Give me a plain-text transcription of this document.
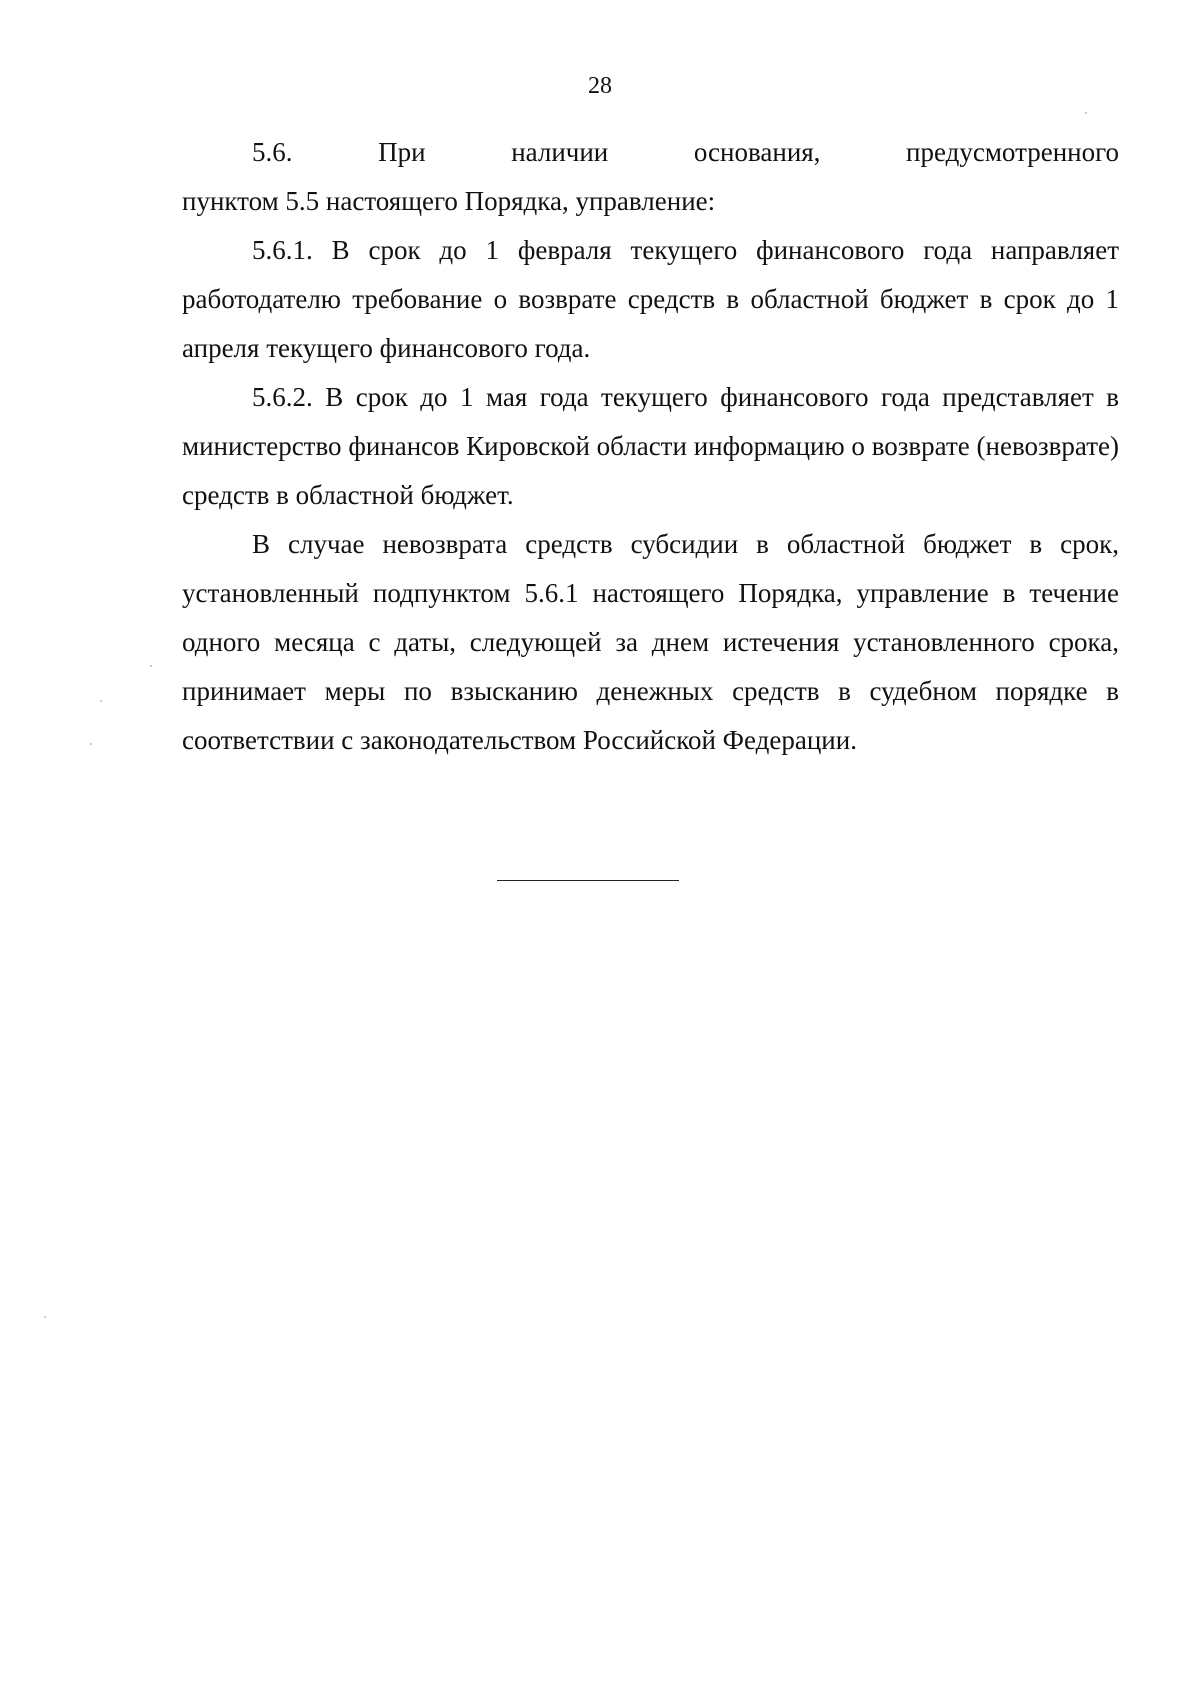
28

5.6. При наличии основания, предусмотренного

пунктом 5.5 настоящего Порядка, управление:

5.6.1. В срок до 1 февраля текущего финансового года направляет работодателю требование о возврате средств в областной бюджет в срок до 1 апреля текущего финансового года.

5.6.2. В срок до 1 мая года текущего финансового года представляет в министерство финансов Кировской области информацию о возврате (невозврате) средств в областной бюджет.

В случае невозврата средств субсидии в областной бюджет в срок, установленный подпунктом 5.6.1 настоящего Порядка, управление в течение одного месяца с даты, следующей за днем истечения установленного срока, принимает меры по взысканию денежных средств в судебном порядке в соответствии с законодательством Российской Федерации.
